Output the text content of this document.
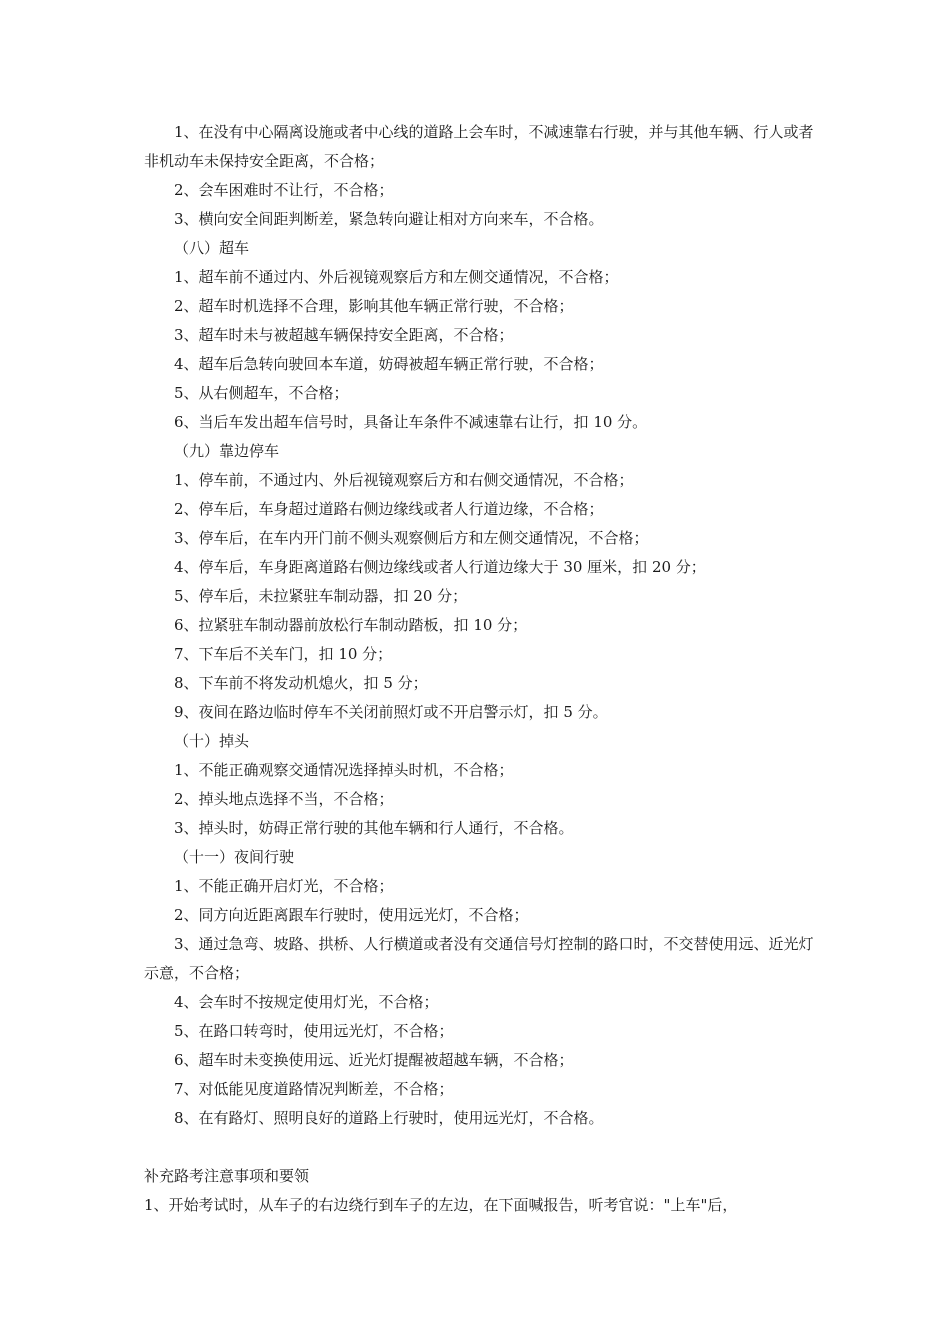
1、在没有中心隔离设施或者中心线的道路上会车时，不减速靠右行驶，并与其他车辆、行人或者非机动车未保持安全距离，不合格；

2、会车困难时不让行，不合格；

3、横向安全间距判断差，紧急转向避让相对方向来车，不合格。

（八）超车

1、超车前不通过内、外后视镜观察后方和左侧交通情况，不合格；

2、超车时机选择不合理，影响其他车辆正常行驶，不合格；

3、超车时未与被超越车辆保持安全距离，不合格；

4、超车后急转向驶回本车道，妨碍被超车辆正常行驶，不合格；

5、从右侧超车，不合格；

6、当后车发出超车信号时，具备让车条件不减速靠右让行，扣 10 分。

（九）靠边停车

1、停车前，不通过内、外后视镜观察后方和右侧交通情况，不合格；

2、停车后，车身超过道路右侧边缘线或者人行道边缘，不合格；

3、停车后，在车内开门前不侧头观察侧后方和左侧交通情况，不合格；

4、停车后，车身距离道路右侧边缘线或者人行道边缘大于 30 厘米，扣 20 分；

5、停车后，未拉紧驻车制动器，扣 20 分；

6、拉紧驻车制动器前放松行车制动踏板，扣 10 分；

7、下车后不关车门，扣 10 分；

8、下车前不将发动机熄火，扣 5 分；

9、夜间在路边临时停车不关闭前照灯或不开启警示灯，扣 5 分。

（十）掉头

1、不能正确观察交通情况选择掉头时机，不合格；

2、掉头地点选择不当，不合格；

3、掉头时，妨碍正常行驶的其他车辆和行人通行，不合格。

（十一）夜间行驶

1、不能正确开启灯光，不合格；

2、同方向近距离跟车行驶时，使用远光灯，不合格；

3、通过急弯、坡路、拱桥、人行横道或者没有交通信号灯控制的路口时，不交替使用远、近光灯示意，不合格；

4、会车时不按规定使用灯光，不合格；

5、在路口转弯时，使用远光灯，不合格；

6、超车时未变换使用远、近光灯提醒被超越车辆，不合格；

7、对低能见度道路情况判断差，不合格；

8、在有路灯、照明良好的道路上行驶时，使用远光灯，不合格。

补充路考注意事项和要领

1、开始考试时，从车子的右边绕行到车子的左边，在下面喊报告，听考官说："上车"后，
